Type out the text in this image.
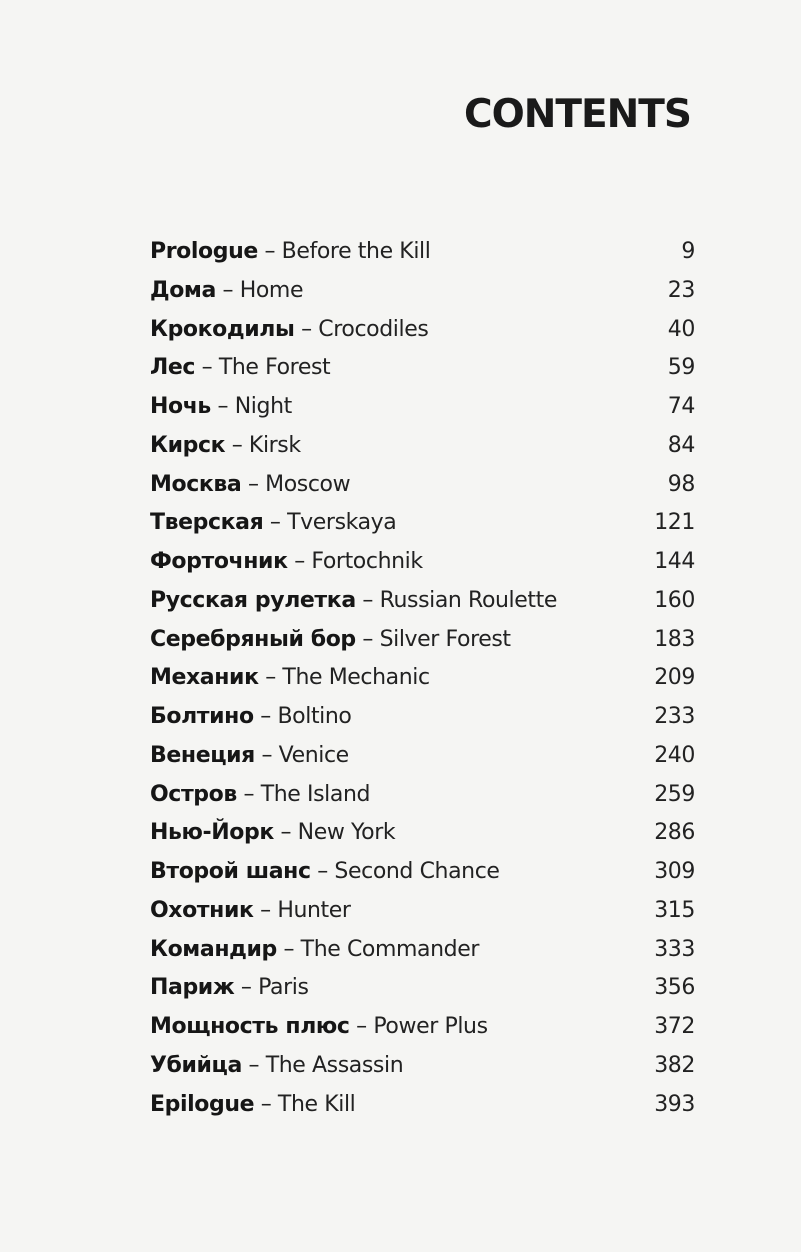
CONTENTS
Prologue – Before the Kill	9
Дома – Home	23
Крокодилы – Crocodiles	40
Лес – The Forest	59
Ночь – Night	74
Кирск – Kirsk	84
Москва – Moscow	98
Тверская – Tverskaya	121
Форточник – Fortochnik	144
Русская рулетка – Russian Roulette	160
Серебряный бор – Silver Forest	183
Механик – The Mechanic	209
Болтино – Boltino	233
Венеция – Venice	240
Остров – The Island	259
Нью-Йорк – New York	286
Второй шанс – Second Chance	309
Охотник – Hunter	315
Командир – The Commander	333
Париж – Paris	356
Мощность плюс – Power Plus	372
Убийца – The Assassin	382
Epilogue – The Kill	393
